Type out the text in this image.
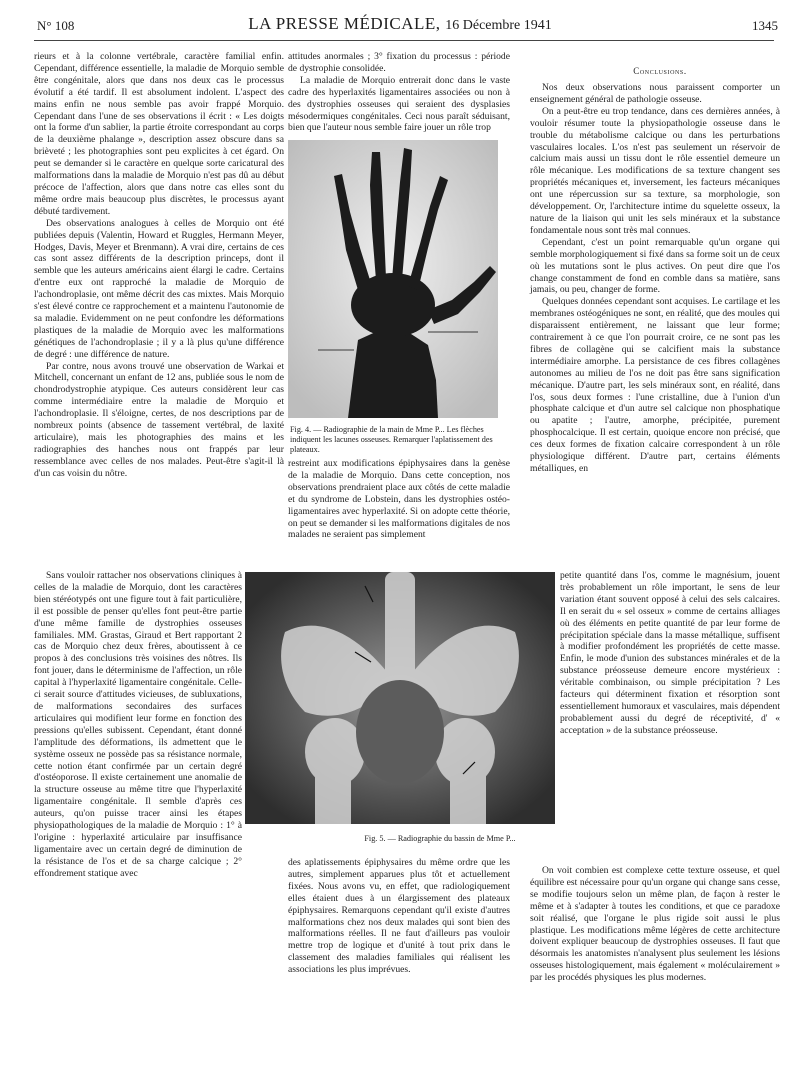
N° 108	LA PRESSE MÉDICALE, 16 Décembre 1941	1345

rieurs et à la colonne vertébrale, caractère familial enfin. Cependant, différence essentielle, la maladie de Morquio semble être congénitale, alors que dans nos deux cas le processus évolutif a été tardif. Il est absolument indolent. L'aspect des mains enfin ne nous semble pas avoir frappé Morquio. Cependant dans l'une de ses observations il écrit : « Les doigts ont la forme d'un sablier, la partie étroite correspondant au corps de la deuxième phalange », description assez obscure dans sa brièveté ; les photographies sont peu explicites à cet égard. On peut se demander si le caractère en quelque sorte caricatural des malformations dans la maladie de Morquio n'est pas dû au début précoce de l'affection, alors que dans notre cas elles sont du même ordre mais beaucoup plus discrètes, le processus ayant débuté tardivement.

Des observations analogues à celles de Morquio ont été publiées depuis (Valentin, Howard et Ruggles, Hermann Meyer, Hodges, Davis, Meyer et Brenmann). A vrai dire, certains de ces cas sont assez différents de la description princeps, dont il semble que les auteurs américains aient élargi le cadre. Certains d'entre eux ont rapproché la maladie de Morquio de l'achondroplasie, ont même décrit des cas mixtes. Mais Morquio s'est élevé contre ce rapprochement et a maintenu l'autonomie de sa maladie. Evidemment on ne peut confondre les déformations plastiques de la maladie de Morquio avec les malformations génétiques de l'achondroplasie ; il y a là plus qu'une différence de degré : une différence de nature.

Par contre, nous avons trouvé une observation de Warkai et Mitchell, concernant un enfant de 12 ans, publiée sous le nom de chondrodystrophie atypique. Ces auteurs considèrent leur cas comme intermédiaire entre la maladie de Morquio et l'achondroplasie. Il s'éloigne, certes, de nos descriptions par de nombreux points (absence de tassement vertébral, de laxité articulaire), mais les photographies des mains et les radiographies des hanches nous ont frappés par leur ressemblance avec celles de nos malades. Peut-être s'agit-il là d'un cas voisin du nôtre.

Sans vouloir rattacher nos observations cliniques à celles de la maladie de Morquio, dont les caractères bien stéréotypés ont une figure tout à fait particulière, il est possible de penser qu'elles font peut-être partie d'une même famille de dystrophies osseuses familiales. MM. Grastas, Giraud et Bert rapportant 2 cas de Morquio chez deux frères, aboutissent à ce propos à des conclusions très voisines des nôtres. Ils font jouer, dans le déterminisme de l'affection, un rôle capital à l'hyperlaxité ligamentaire congénitale. Celle-ci serait source d'attitudes vicieuses, de subluxations, de malformations secondaires des surfaces articulaires qui modifient leur forme en fonction des pressions qu'elles subissent. Cependant, étant donné l'amplitude des déformations, ils admettent que le système osseux ne possède pas sa résistance normale, cette notion étant confirmée par un certain degré d'ostéoporose. Il existe certainement une anomalie de la structure osseuse au même titre que l'hyperlaxité ligamentaire congénitale. Il semble d'après ces auteurs, qu'on puisse tracer ainsi les étapes physiopathologiques de la maladie de Morquio : 1° à l'origine : hyperlaxité articulaire par insuffisance ligamentaire avec un certain degré de diminution de la résistance de l'os et de sa charge calcique ; 2° effondrement statique avec

attitudes anormales ; 3° fixation du processus : période de dystrophie consolidée.

La maladie de Morquio entrerait donc dans le vaste cadre des hyperlaxités ligamentaires associées ou non à des dystrophies osseuses qui seraient des dysplasies mésodermiques congénitales. Ceci nous paraît séduisant, bien que l'auteur nous semble faire jouer un rôle trop

Fig. 4. — Radiographie de la main de Mme P... Les flèches indiquent les lacunes osseuses. Remarquer l'aplatissement des plateaux.

restreint aux modifications épiphysaires dans la genèse de la maladie de Morquio. Dans cette conception, nos observations prendraient place aux côtés de cette maladie et du syndrome de Lobstein, dans les dystrophies ostéo-ligamentaires avec hyperlaxité. Si on adopte cette théorie, on peut se demander si les malformations digitales de nos malades ne seraient pas simplement

Fig. 5. — Radiographie du bassin de Mme P...

des aplatissements épiphysaires du même ordre que les autres, simplement apparues plus tôt et actuellement fixées. Nous avons vu, en effet, que radiologiquement elles étaient dues à un élargissement des plateaux épiphysaires. Remarquons cependant qu'il existe d'autres malformations chez nos deux malades qui sont bien des malformations réelles. Il ne faut d'ailleurs pas vouloir mettre trop de logique et d'unité à tout prix dans le classement des maladies familiales qui réalisent les associations les plus imprévues.

Conclusions.

Nos deux observations nous paraissent comporter un enseignement général de pathologie osseuse.

On a peut-être eu trop tendance, dans ces dernières années, à vouloir résumer toute la physiopathologie osseuse dans le trouble du métabolisme calcique ou dans les perturbations vasculaires locales. L'os n'est pas seulement un réservoir de calcium mais aussi un tissu dont le rôle essentiel demeure un rôle mécanique. Les modifications de sa texture changent ses propriétés mécaniques et, inversement, les facteurs mécaniques ont une répercussion sur sa texture, sa morphologie, son développement. Or, l'architecture intime du squelette osseux, la nature de la liaison qui unit les sels minéraux et la substance fondamentale nous sont très mal connues.

Cependant, c'est un point remarquable qu'un organe qui semble morphologiquement si fixé dans sa forme soit un de ceux où les mutations sont le plus actives. On peut dire que l'os change constamment de fond en comble dans sa matière, sans jamais, ou peu, changer de forme.

Quelques données cependant sont acquises. Le cartilage et les membranes ostéogéniques ne sont, en réalité, que des moules qui disparaissent entièrement, ne laissant que leur forme; contrairement à ce que l'on pourrait croire, ce ne sont pas les fibres de collagène qui se calcifient mais la substance intermédiaire amorphe. La persistance de ces fibres collagènes autonomes au milieu de l'os ne doit pas être sans signification mécanique. D'autre part, les sels minéraux sont, en réalité, dans l'os, sous deux formes : l'une cristalline, due à l'union d'un phosphate calcique et d'un autre sel calcique non phosphatique ou apatite ; l'autre, amorphe, précipitée, purement phosphocalcique. Il est certain, quoique encore non précisé, que ces deux formes de fixation calcaire correspondent à un rôle physiologique différent. D'autre part, certains éléments métalliques, en

petite quantité dans l'os, comme le magnésium, jouent très probablement un rôle important, le sens de leur variation étant souvent opposé à celui des sels calcaires. Il en serait du « sel osseux » comme de certains alliages où des éléments en petite quantité de par leur forme de précipitation spéciale dans la masse métallique, suffisent à modifier profondément les propriétés de cette masse. Enfin, le mode d'union des substances minérales et de la substance préosseuse demeure encore mystérieux : véritable combinaison, ou simple précipitation ? Les facteurs qui déterminent fixation et résorption sont essentiellement humoraux et vasculaires, mais dépendent probablement aussi du degré de réceptivité, d' « acceptation » de la substance préosseuse.

On voit combien est complexe cette texture osseuse, et quel équilibre est nécessaire pour qu'un organe qui change sans cesse, se modifie toujours selon un même plan, de façon à rester le même et à s'adapter à toutes les conditions, et que ce paradoxe soit réalisé, que l'organe le plus rigide soit aussi le plus plastique. Les modifications même légères de cette architecture doivent expliquer beaucoup de dystrophies osseuses. Il faut que désormais les anatomistes n'analysent plus seulement les lésions osseuses histologiquement, mais également « moléculairement » par les procédés physiques les plus modernes.
